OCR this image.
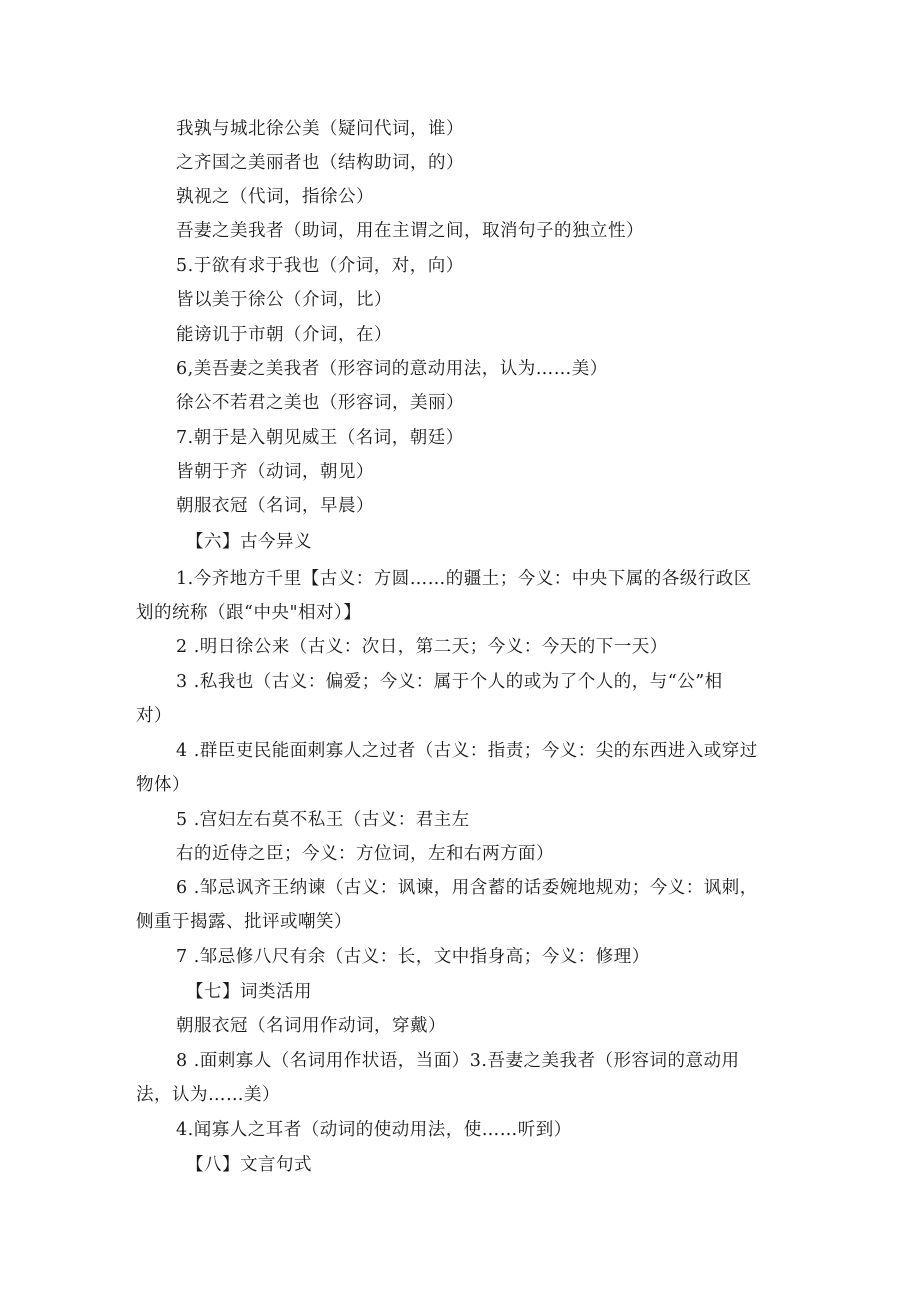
我孰与城北徐公美（疑问代词，谁）
之齐国之美丽者也（结构助词，的）
孰视之（代词，指徐公）
吾妻之美我者（助词，用在主谓之间，取消句子的独立性）
5.于欲有求于我也（介词，对，向）
皆以美于徐公（介词，比）
能谤讥于市朝（介词，在）
6,美吾妻之美我者（形容词的意动用法，认为……美）
徐公不若君之美也（形容词，美丽）
7.朝于是入朝见威王（名词，朝廷）
皆朝于齐（动词，朝见）
朝服衣冠（名词，早晨）
【六】古今异义
1.今齐地方千里【古义：方圆……的疆土；今义：中央下属的各级行政区
划的统称（跟“中央"相对）】
2 .明日徐公来（古义：次日，第二天；今义：今天的下一天）
3 .私我也（古义：偏爱；今义：属于个人的或为了个人的，与“公”相
对）
4 .群臣吏民能面刺寡人之过者（古义：指责；今义：尖的东西进入或穿过
物体）
5 .宫妇左右莫不私王（古义：君主左
右的近侍之臣；今义：方位词，左和右两方面）
6 .邹忌讽齐王纳谏（古义：讽谏，用含蓄的话委婉地规劝；今义：讽刺，
侧重于揭露、批评或嘲笑）
7 .邹忌修八尺有余（古义：长，文中指身高；今义：修理）
【七】词类活用
朝服衣冠（名词用作动词，穿戴）
8 .面刺寡人（名词用作状语，当面）3.吾妻之美我者（形容词的意动用
法，认为……美）
4.闻寡人之耳者（动词的使动用法，使……听到）
【八】文言句式
